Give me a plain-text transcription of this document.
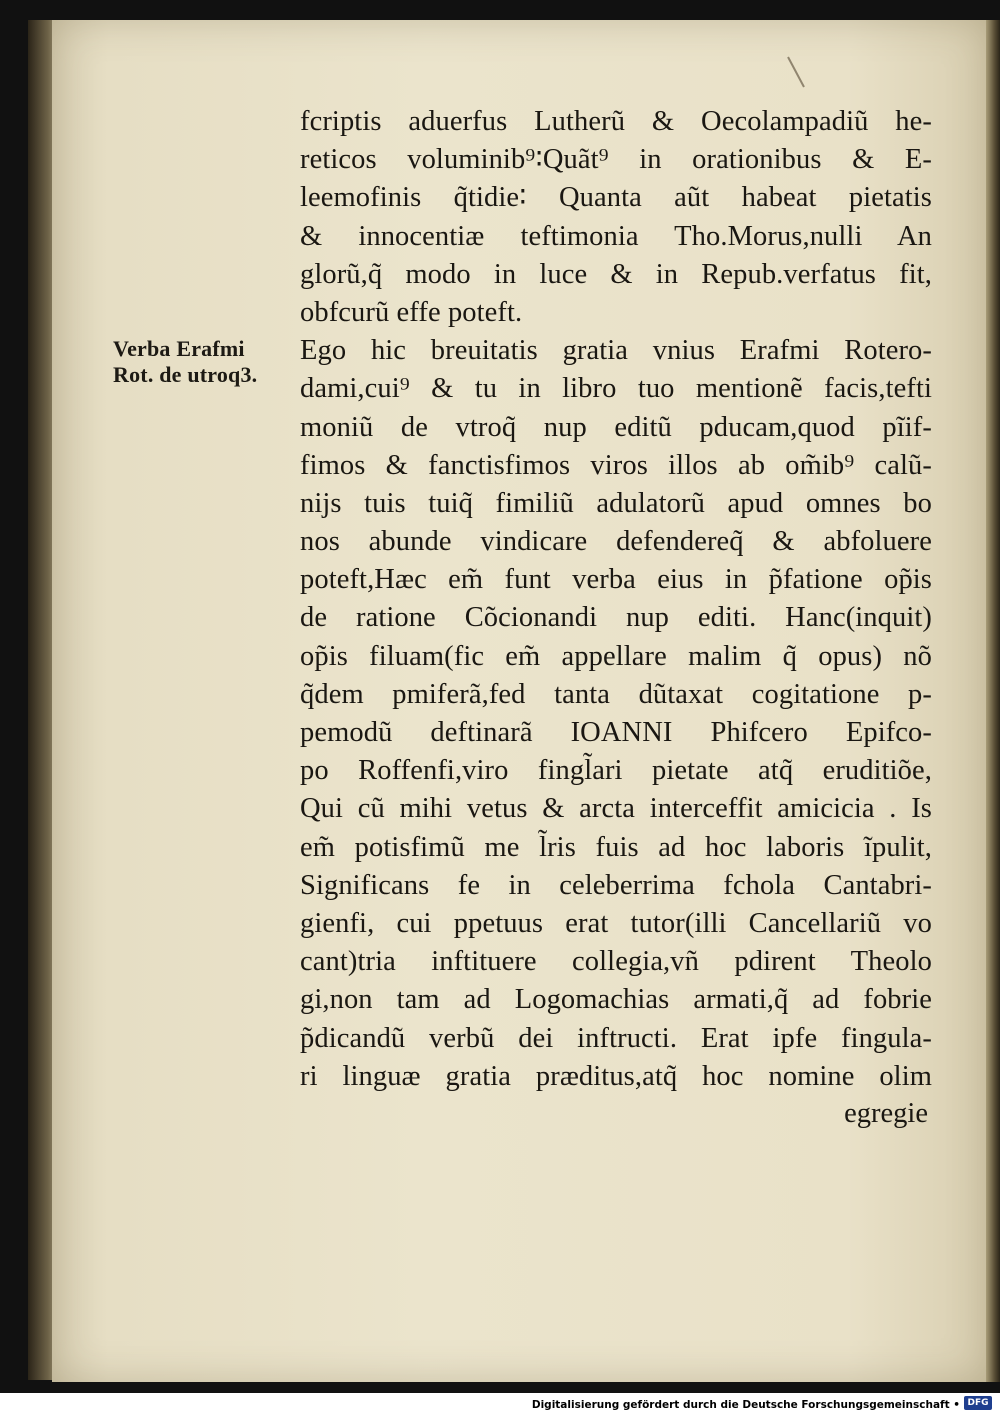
Verba Erafmi
Rot. de utroq3.
fcriptis aduerfus Lutherũ & Oecolampadiũ he‑
reticos voluminib⁹∶Quãt⁹ in orationibus & E‑
leemofinis q̃tidie∶ Quanta aũt habeat pietatis
& innocentiæ teftimonia Tho.Morus,nulli An
glorũ,q̃ modo in luce & in Repub.verfatus fit,
obfcurũ effe poteft.
Ego hic breuitatis gratia vnius Erafmi Rotero‑
dami,cui⁹ & tu in libro tuo mentionẽ facis,tefti
moniũ de vtroq̃ nup editũ pducam,quod pĩif‑
fimos & fanctisfimos viros illos ab om̃ib⁹ calũ‑
nijs tuis tuiq̃ fimiliũ adulatorũ apud omnes bo
nos abunde vindicare defendereq̃ & abfoluere
poteft,Hæc em̃ funt verba eius in p̃fatione op̃is
de ratione Cõcionandi nup editi. Hanc(inquit)
op̃is filuam(fic em̃ appellare malim q̃ opus) nõ
q̃dem pmiferã,fed tanta dũtaxat cogitatione p‑
pemodũ deftinarã IOANNI Phifcero Epifco‑
po Roffenfi,viro fingl̃ari pietate atq̃ eruditiõe,
Qui cũ mihi vetus & arcta interceffit amicicia . Is
em̃ potisfimũ me l̃ris fuis ad hoc laboris ĩpulit,
Significans fe in celeberrima fchola Cantabri‑
gienfi, cui ppetuus erat tutor(illi Cancellariũ vo
cant)tria inftituere collegia,vñ pdirent Theolo
gi,non tam ad Logomachias armati,q̃ ad fobrie
p̃dicandũ verbũ dei inftructi. Erat ipfe fingula‑
ri linguæ gratia præditus,atq̃ hoc nomine olim
egregie
Digitalisierung gefördert durch die Deutsche Forschungsgemeinschaft • DFG
